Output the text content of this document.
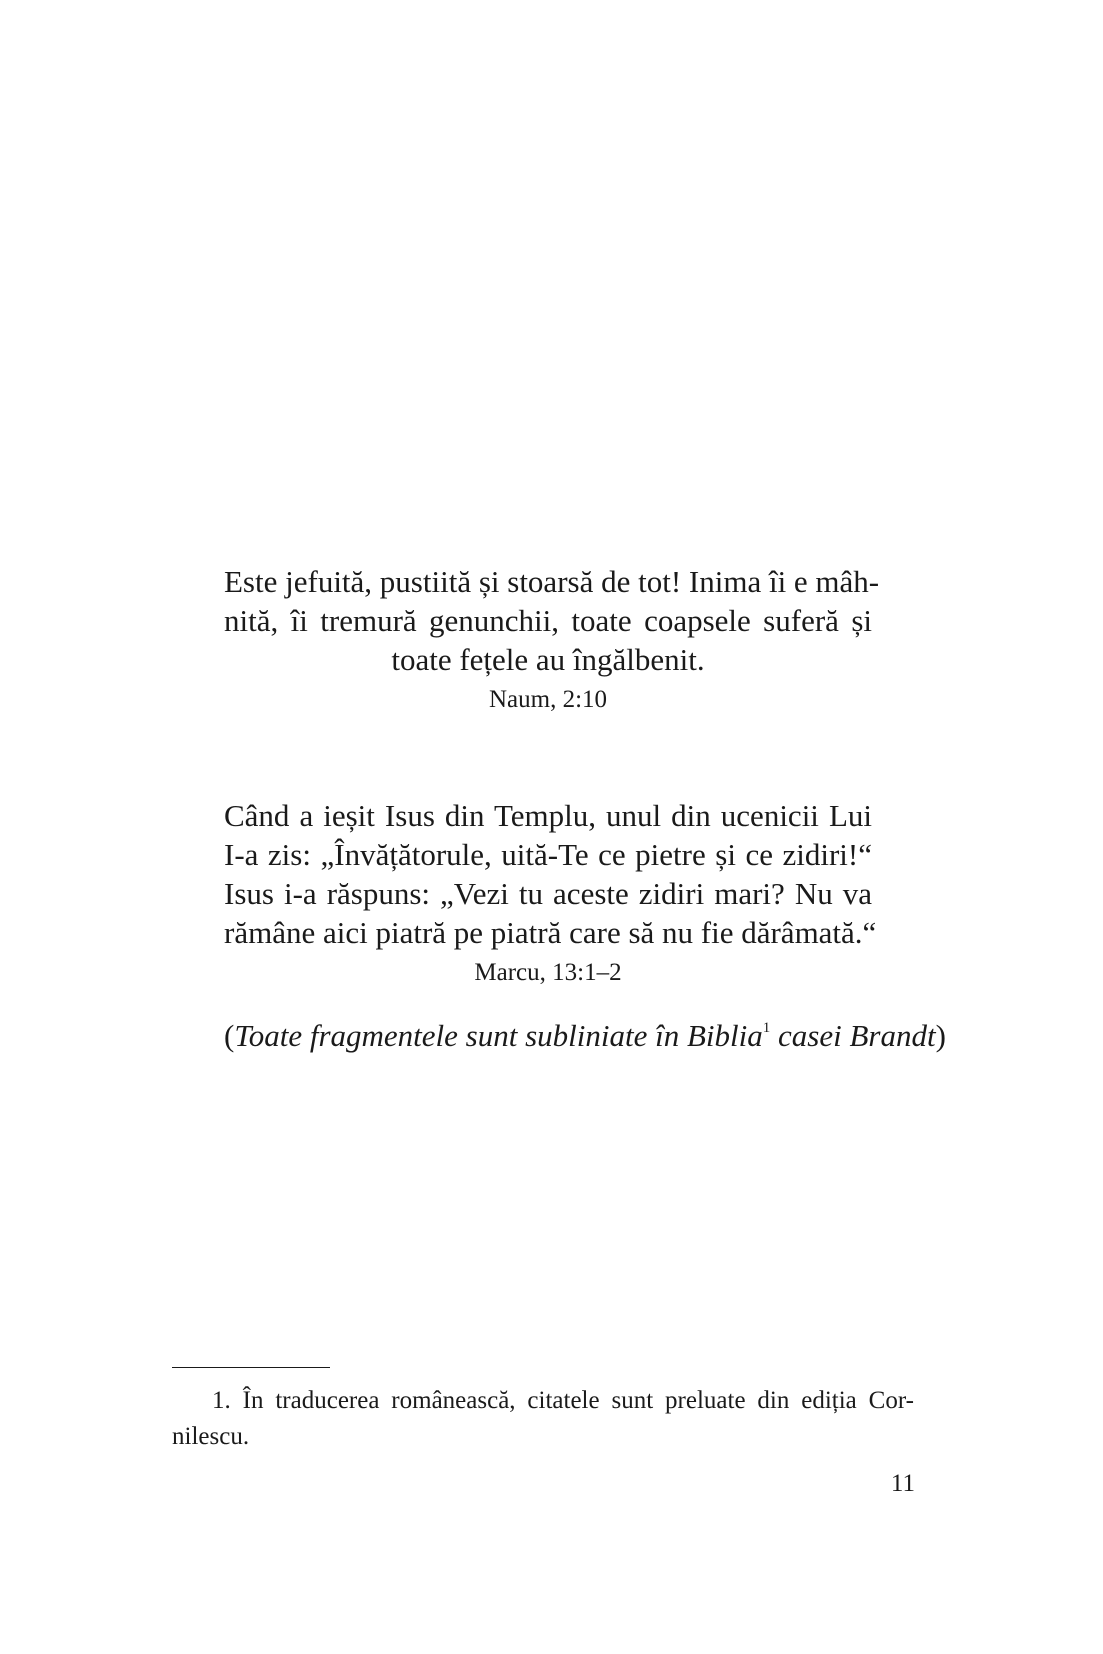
Este jefuită, pustiită și stoarsă de tot! Inima îi e mâh-
nită, îi tremură genunchii, toate coapsele suferă și
toate fețele au îngălbenit.
Naum, 2:10
Când a ieșit Isus din Templu, unul din ucenicii Lui
I-a zis: „Învățătorule, uită-Te ce pietre și ce zidiri!“
Isus i-a răspuns: „Vezi tu aceste zidiri mari? Nu va
rămâne aici piatră pe piatră care să nu fie dărâmată.“
Marcu, 13:1–2
(Toate fragmentele sunt subliniate în Biblia$^1$ casei Brandt)
1. În traducerea românească, citatele sunt preluate din ediția Cor-
nilescu.
11
